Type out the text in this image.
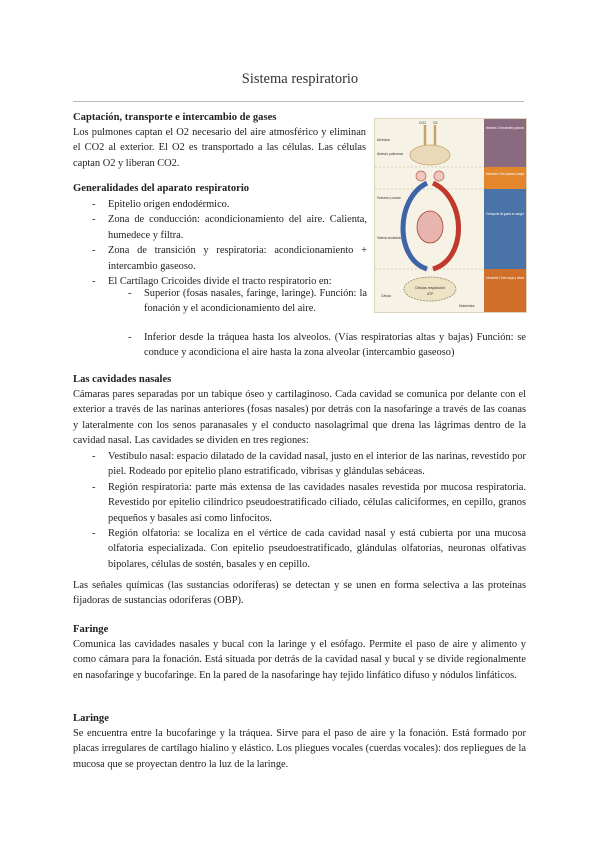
Sistema respiratorio
Captación, transporte e intercambio de gases

Los pulmones captan el O2 necesario del aire atmosférico y eliminan el CO2 al exterior. El O2 es transportado a las células. Las células captan O2 y liberan CO2.

Generalidades del aparato respiratorio
- Epitelio origen endodérmico.
- Zona de conducción: acondicionamiento del aire. Calienta, humedece y filtra.
- Zona de transición y respiratoria: acondicionamiento + intercambio gaseoso.
- El Cartílago Cricoides divide el tracto respiratorio en:
- Superior (fosas nasales, faringe, laringe). Función: la fonación y el acondicionamiento del aire.
- Inferior desde la tráquea hasta los alveolos. (Vías respiratorias altas y bajas) Función: se conduce y acondiciona el aire hasta la zona alveolar (intercambio gaseoso)
Intercambio 1: Entre atmósfera y pulmones
Intercambio 2: Entre pulmones y sangre
Transporte de gases en sangre
Intercambio 3: Entre sangre y células
CO2 O2
Alvéolos
Alvéolo pulmonar
Pulmones y corazón
Sistema circulatorio
Célula
Nutrientes
Células respiración
ATP
Las cavidades nasales

Cámaras pares separadas por un tabique óseo y cartilaginoso. Cada cavidad se comunica por delante con el exterior a través de las narinas anteriores (fosas nasales) por detrás con la nasofaringe a través de las coanas y lateralmente con los senos paranasales y el conducto nasolagrimal que drena las lágrimas dentro de la cavidad nasal. Las cavidades se dividen en tres regiones:

- Vestíbulo nasal: espacio dilatado de la cavidad nasal, justo en el interior de las narinas, revestido por piel. Rodeado por epitelio plano estratificado, vibrisas y glándulas sebáceas.
- Región respiratoria: parte más extensa de las cavidades nasales revestida por mucosa respiratoria. Revestido por epitelio cilíndrico pseudoestratificado ciliado, células caliciformes, en cepillo, granos pequeños y basales así como linfocitos.
- Región olfatoria: se localiza en el vértice de cada cavidad nasal y está cubierta por una mucosa olfatoria especializada. Con epitelio pseudoestratificado, glándulas olfatorias, neuronas olfativas bipolares, células de sostén, basales y en cepillo.

Las señales químicas (las sustancias odoríferas) se detectan y se unen en forma selectiva a las proteínas fijadoras de sustancias odoríferas (OBP).

Faringe

Comunica las cavidades nasales y bucal con la laringe y el esófago. Permite el paso de aire y alimento y como cámara para la fonación. Está situada por detrás de la cavidad nasal y bucal y se divide regionalmente en nasofaringe y bucofaringe. En la pared de la nasofaringe hay tejido linfático difuso y nódulos linfáticos.

Laringe

Se encuentra entre la bucofaringe y la tráquea. Sirve para el paso de aire y la fonación. Está formado por placas irregulares de cartílago hialino y elástico. Los pliegues vocales (cuerdas vocales): dos repliegues de la mucosa que se proyectan dentro la luz de la laringe.
